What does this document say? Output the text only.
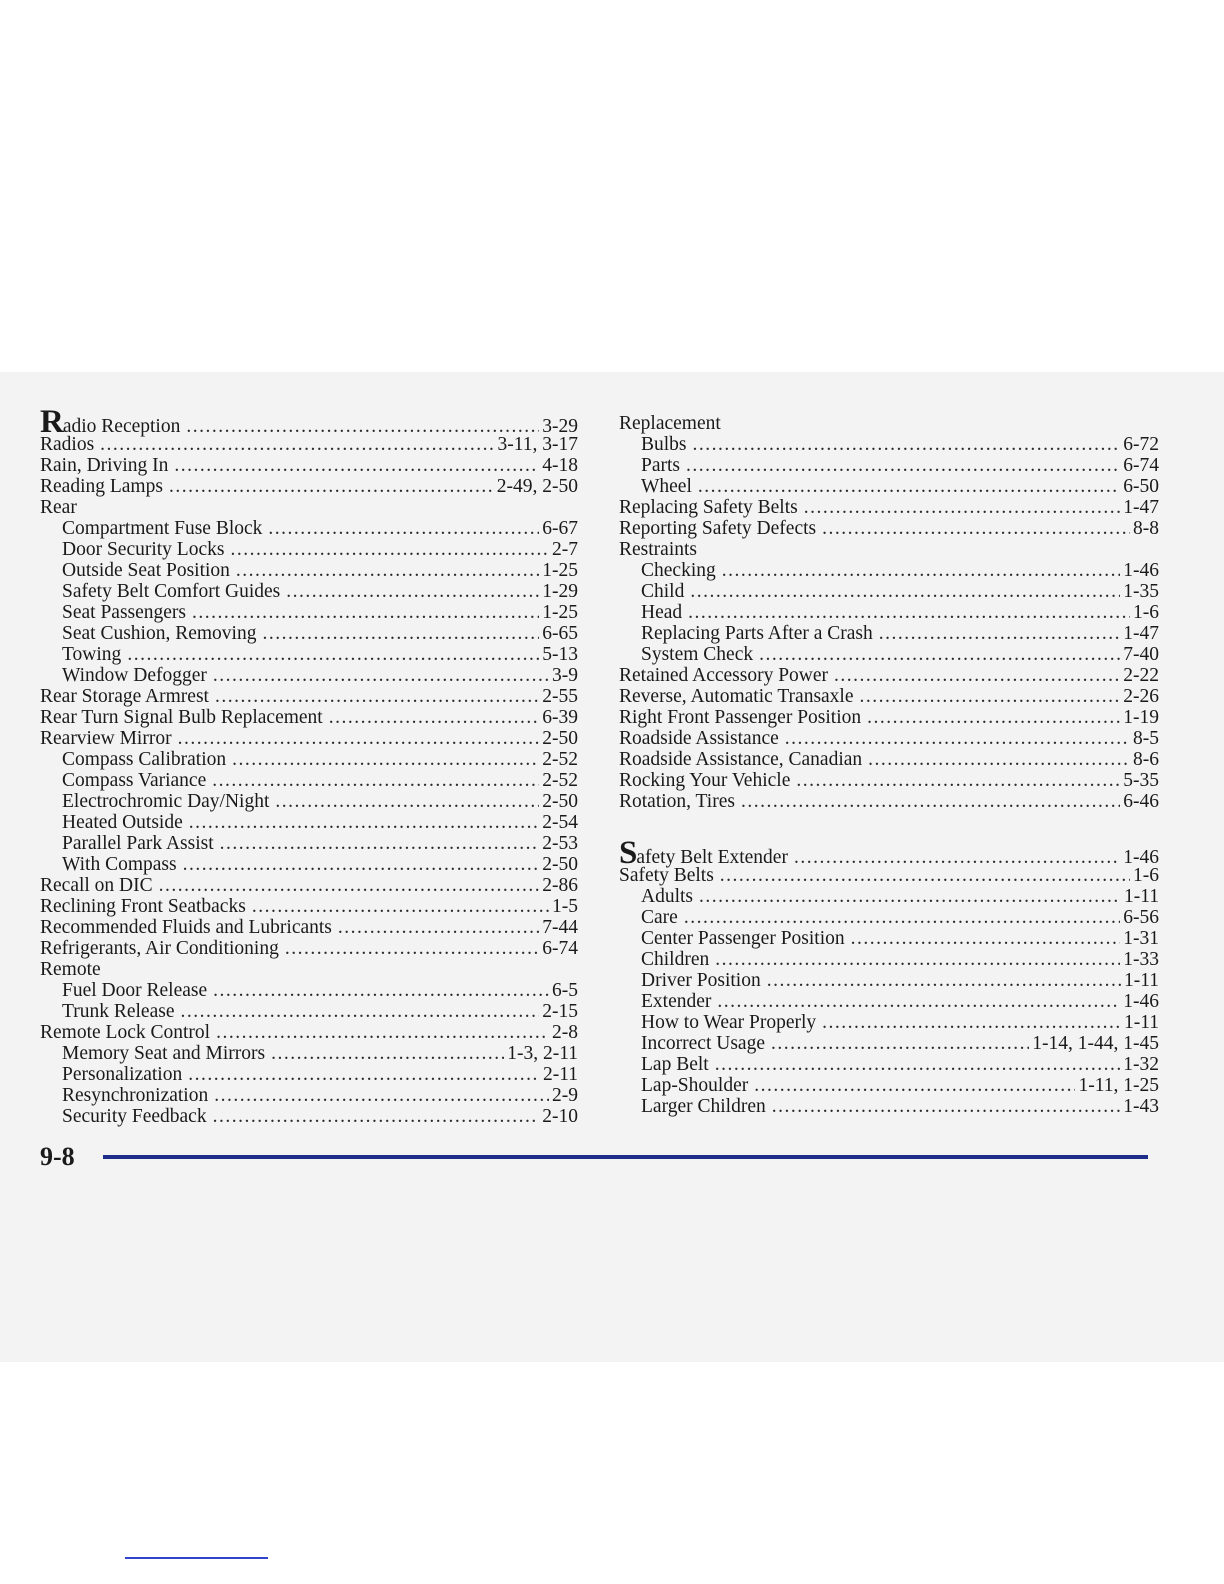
Radio Reception .....	3-29
Radios .....	3-11, 3-17
Rain, Driving In .....	4-18
Reading Lamps .....	2-49, 2-50
Rear
Compartment Fuse Block .....	6-67
Door Security Locks .....	2-7
Outside Seat Position .....	1-25
Safety Belt Comfort Guides .....	1-29
Seat Passengers .....	1-25
Seat Cushion, Removing .....	6-65
Towing .....	5-13
Window Defogger .....	3-9
Rear Storage Armrest .....	2-55
Rear Turn Signal Bulb Replacement .....	6-39
Rearview Mirror .....	2-50
Compass Calibration .....	2-52
Compass Variance .....	2-52
Electrochromic Day/Night .....	2-50
Heated Outside .....	2-54
Parallel Park Assist .....	2-53
With Compass .....	2-50
Recall on DIC .....	2-86
Reclining Front Seatbacks .....	1-5
Recommended Fluids and Lubricants .....	7-44
Refrigerants, Air Conditioning .....	6-74
Remote
Fuel Door Release .....	6-5
Trunk Release .....	2-15
Remote Lock Control .....	2-8
Memory Seat and Mirrors .....	1-3, 2-11
Personalization .....	2-11
Resynchronization .....	2-9
Security Feedback .....	2-10
Replacement
Bulbs .....	6-72
Parts .....	6-74
Wheel .....	6-50
Replacing Safety Belts .....	1-47
Reporting Safety Defects .....	8-8
Restraints
Checking .....	1-46
Child .....	1-35
Head .....	1-6
Replacing Parts After a Crash .....	1-47
System Check .....	7-40
Retained Accessory Power .....	2-22
Reverse, Automatic Transaxle .....	2-26
Right Front Passenger Position .....	1-19
Roadside Assistance .....	8-5
Roadside Assistance, Canadian .....	8-6
Rocking Your Vehicle .....	5-35
Rotation, Tires .....	6-46
Safety Belt Extender .....	1-46
Safety Belts .....	1-6
Adults .....	1-11
Care .....	6-56
Center Passenger Position .....	1-31
Children .....	1-33
Driver Position .....	1-11
Extender .....	1-46
How to Wear Properly .....	1-11
Incorrect Usage .....	1-14, 1-44, 1-45
Lap Belt .....	1-32
Lap-Shoulder .....	1-11, 1-25
Larger Children .....	1-43
9-8
